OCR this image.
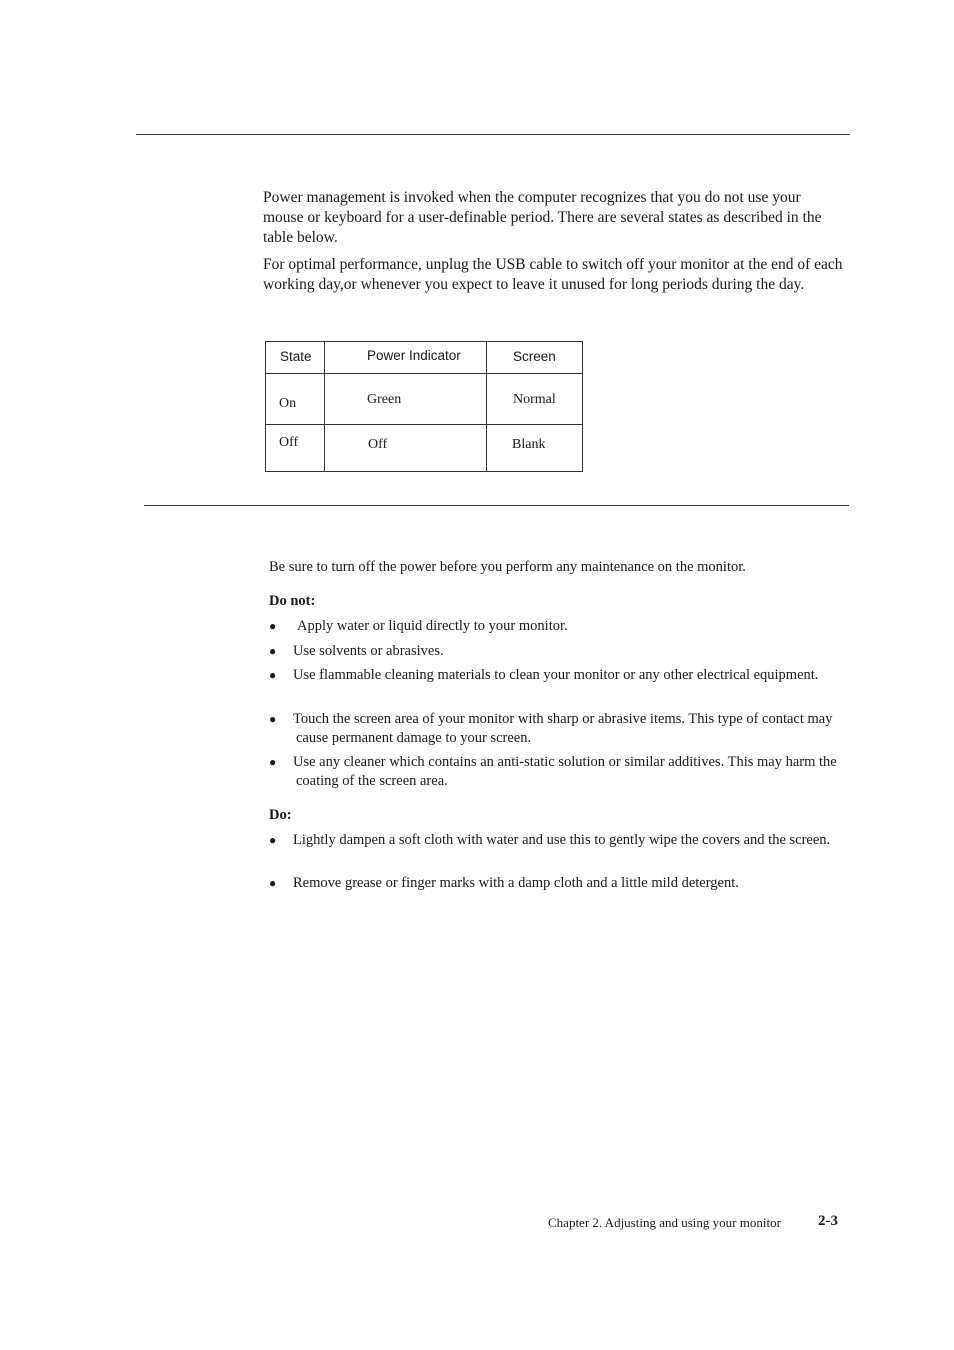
Power management is invoked when the computer recognizes that you do not use your mouse or keyboard for a user-definable period. There are several states as described in the table below.

For optimal performance, unplug the USB cable to switch off your monitor at the end of each working day,or whenever you expect to leave it unused for long periods during the day.

State	Power Indicator	Screen

On	Green	Normal

Off	Off	Blank

Be sure to turn off the power before you perform any maintenance on the monitor.

Do not:

●	Apply water or liquid directly to your monitor.
●	Use solvents or abrasives.
●	Use flammable cleaning materials to clean your monitor or any other electrical equipment.
●	Touch the screen area of your monitor with sharp or abrasive items. This type of contact may cause permanent damage to your screen.
●	Use any cleaner which contains an anti-static solution or similar additives. This may harm the coating of the screen area.

Do:

●	Lightly dampen a soft cloth with water and use this to gently wipe the covers and the screen.
●	Remove grease or finger marks with a damp cloth and a little mild detergent.
Chapter 2. Adjusting and using your monitor 2-3
